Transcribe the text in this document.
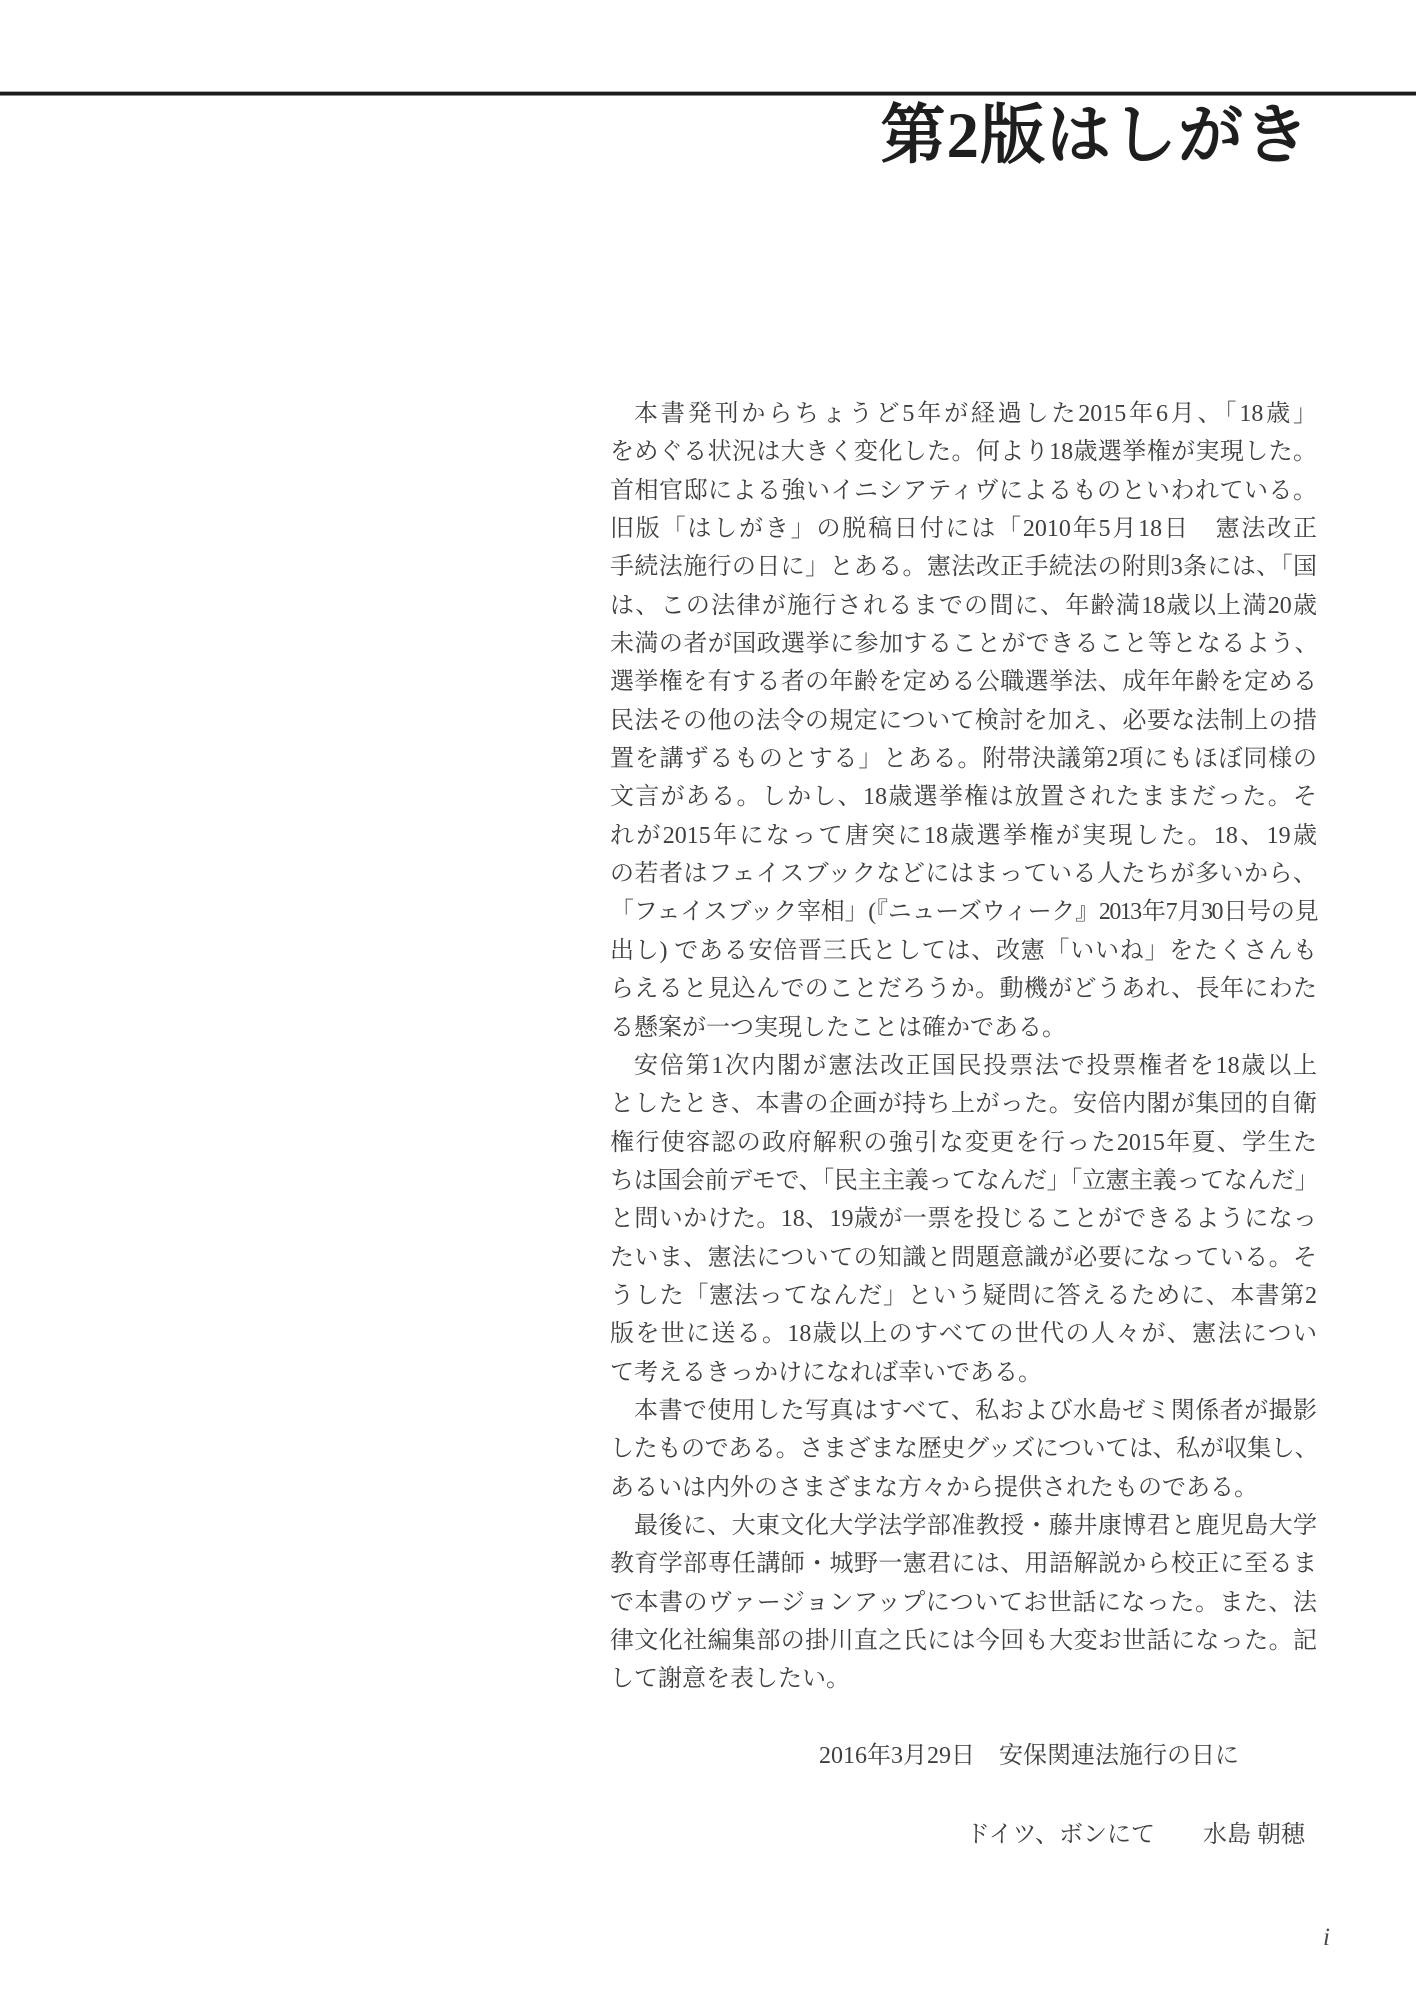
第2版はしがき
本書発刊からちょうど5年が経過した2015年6月、「18歳」
をめぐる状況は大きく変化した。何より18歳選挙権が実現した。
首相官邸による強いイニシアティヴによるものといわれている。
旧版「はしがき」の脱稿日付には「2010年5月18日　憲法改正
手続法施行の日に」とある。憲法改正手続法の附則3条には、「国
は、この法律が施行されるまでの間に、年齢満18歳以上満20歳
未満の者が国政選挙に参加することができること等となるよう、
選挙権を有する者の年齢を定める公職選挙法、成年年齢を定める
民法その他の法令の規定について検討を加え、必要な法制上の措
置を講ずるものとする」とある。附帯決議第2項にもほぼ同様の
文言がある。しかし、18歳選挙権は放置されたままだった。そ
れが2015年になって唐突に18歳選挙権が実現した。18、19歳
の若者はフェイスブックなどにはまっている人たちが多いから、
「フェイスブック宰相」(『ニューズウィーク』2013年7月30日号の見
出し) である安倍晋三氏としては、改憲「いいね」をたくさんも
らえると見込んでのことだろうか。動機がどうあれ、長年にわた
る懸案が一つ実現したことは確かである。
安倍第1次内閣が憲法改正国民投票法で投票権者を18歳以上
としたとき、本書の企画が持ち上がった。安倍内閣が集団的自衛
権行使容認の政府解釈の強引な変更を行った2015年夏、学生た
ちは国会前デモで、「民主主義ってなんだ」「立憲主義ってなんだ」
と問いかけた。18、19歳が一票を投じることができるようになっ
たいま、憲法についての知識と問題意識が必要になっている。そ
うした「憲法ってなんだ」という疑問に答えるために、本書第2
版を世に送る。18歳以上のすべての世代の人々が、憲法につい
て考えるきっかけになれば幸いである。
本書で使用した写真はすべて、私および水島ゼミ関係者が撮影
したものである。さまざまな歴史グッズについては、私が収集し、
あるいは内外のさまざまな方々から提供されたものである。
最後に、大東文化大学法学部准教授・藤井康博君と鹿児島大学
教育学部専任講師・城野一憲君には、用語解説から校正に至るま
で本書のヴァージョンアップについてお世話になった。また、法
律文化社編集部の掛川直之氏には今回も大変お世話になった。記
して謝意を表したい。
2016年3月29日　安保関連法施行の日に
ドイツ、ボンにて　　水島 朝穂
i
